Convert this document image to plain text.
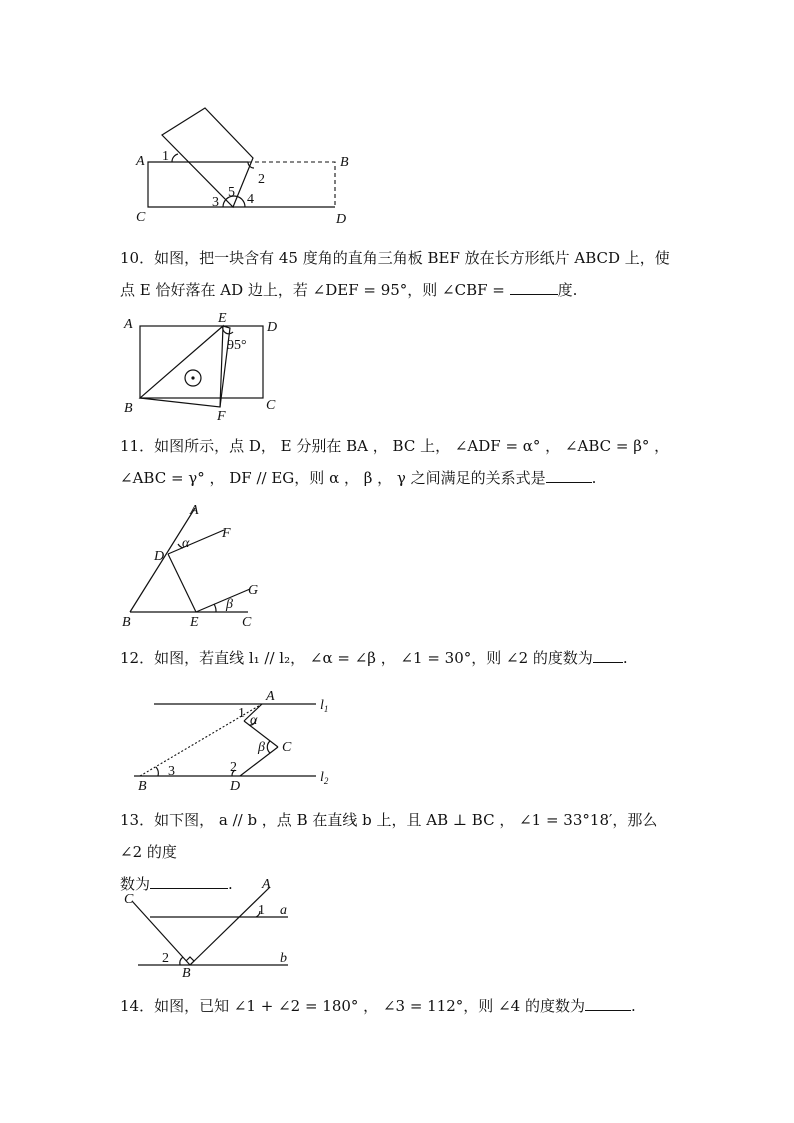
A	B
C	D
1
2
3 4
5

10．如图，把一块含有 45 度角的直角三角板 BEF 放在长方形纸片 ABCD 上，使

点 E 恰好落在 AD 边上，若 ∠DEF = 95°，则 ∠CBF =	度.

A	E
D
B	C
F
95°

11．如图所示，点 D， E 分别在 BA ， BC 上， ∠ADF = α° ， ∠ABC = β° ，

∠ABC = γ° ， DF // EG，则 α ， β ， γ 之间满足的关系式是	.

A
F
D
G
B	E	C
α
β

12．如图，若直线 l₁ // l₂， ∠α = ∠β ， ∠1 = 30°，则 ∠2 的度数为 .

A
$l_1$
$l_2$
C
B	D
1
2
3
α
β

13．如下图， a // b ，点 B 在直线 b 上，且 AB ⊥ BC ， ∠1 = 33°18′，那么 ∠2 的度

数为	.

C
A
a
b
B
1
2

14．如图，已知 ∠1 + ∠2 = 180° ， ∠3 = 112°，则 ∠4 的度数为	.
